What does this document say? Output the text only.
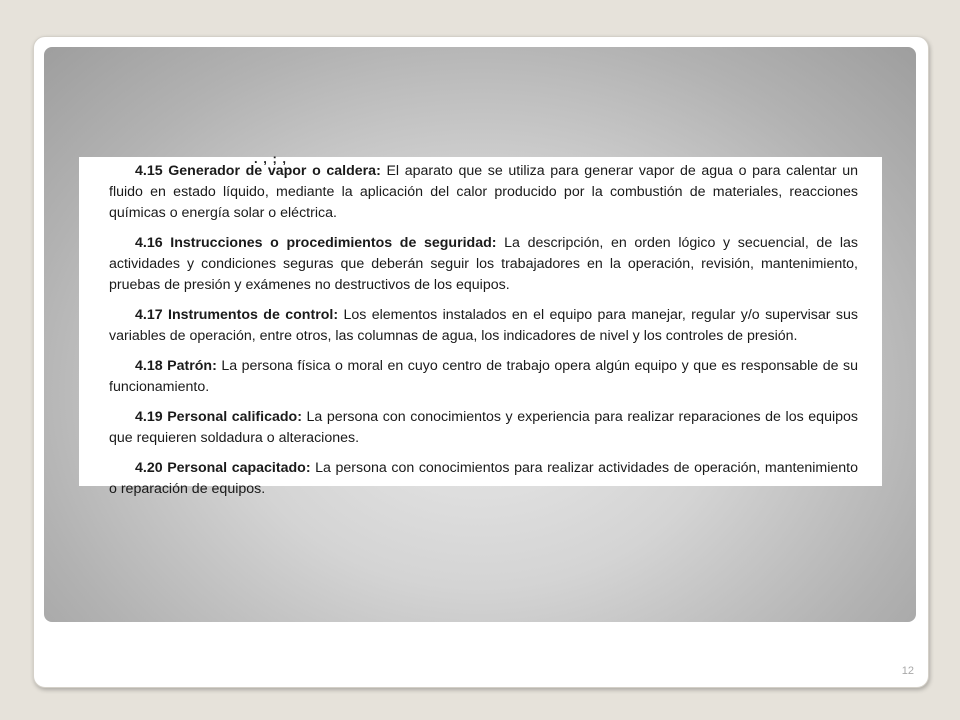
. , ; ,

4.15 Generador de vapor o caldera: El aparato que se utiliza para generar vapor de agua o para calentar un fluido en estado líquido, mediante la aplicación del calor producido por la combustión de materiales, reacciones químicas o energía solar o eléctrica.

4.16 Instrucciones o procedimientos de seguridad: La descripción, en orden lógico y secuencial, de las actividades y condiciones seguras que deberán seguir los trabajadores en la operación, revisión, mantenimiento, pruebas de presión y exámenes no destructivos de los equipos.

4.17 Instrumentos de control: Los elementos instalados en el equipo para manejar, regular y/o supervisar sus variables de operación, entre otros, las columnas de agua, los indicadores de nivel y los controles de presión.

4.18 Patrón: La persona física o moral en cuyo centro de trabajo opera algún equipo y que es responsable de su funcionamiento.

4.19 Personal calificado: La persona con conocimientos y experiencia para realizar reparaciones de los equipos que requieren soldadura o alteraciones.

4.20 Personal capacitado: La persona con conocimientos para realizar actividades de operación, mantenimiento o reparación de equipos.

12
